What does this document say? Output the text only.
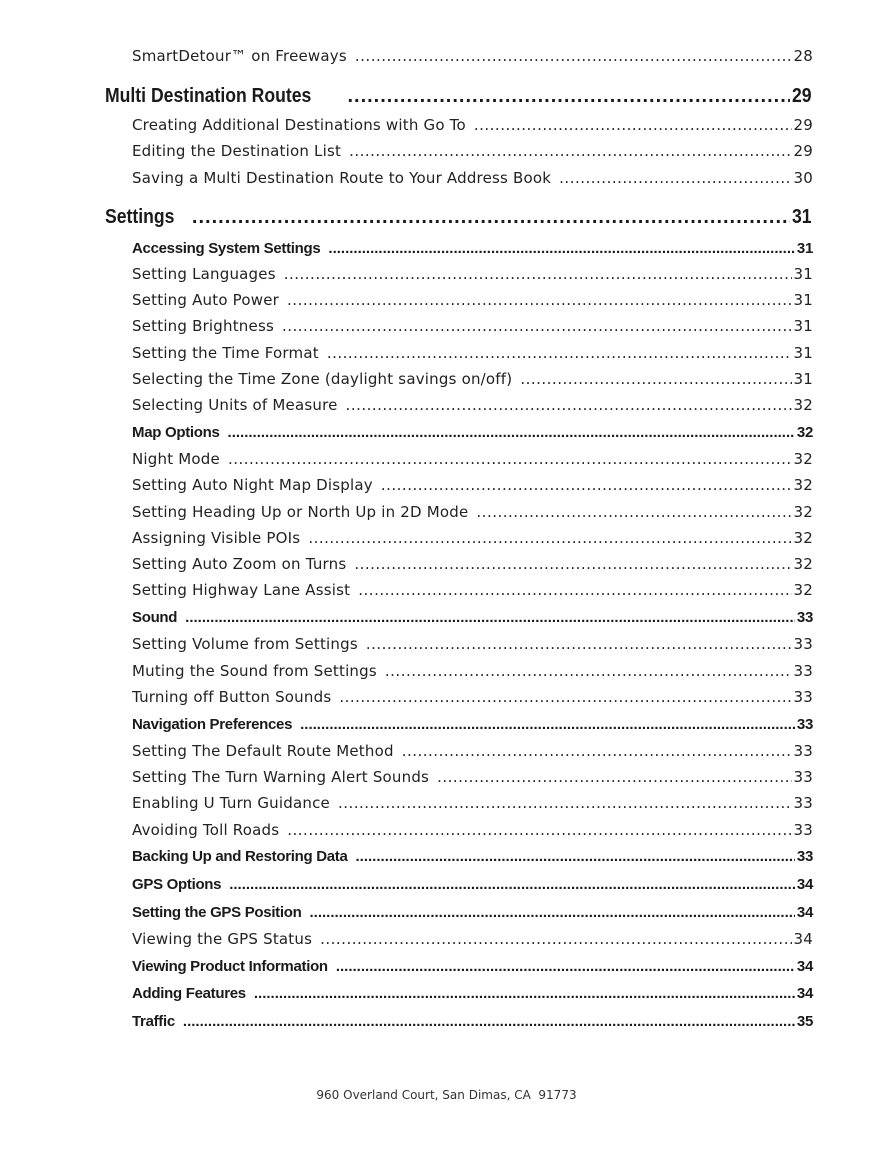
SmartDetour™ on Freeways .....	28
Multi Destination Routes .....	29
Creating Additional Destinations with Go To .....	29
Editing the Destination List .....	29
Saving a Multi Destination Route to Your Address Book .....	30
Settings .....	31
Accessing System Settings .....	31
Setting Languages .....	31
Setting Auto Power .....	31
Setting Brightness .....	31
Setting the Time Format .....	31
Selecting the Time Zone (daylight savings on/off) .....	31
Selecting Units of Measure .....	32
Map Options .....	32
Night Mode .....	32
Setting Auto Night Map Display .....	32
Setting Heading Up or North Up in 2D Mode .....	32
Assigning Visible POIs .....	32
Setting Auto Zoom on Turns .....	32
Setting Highway Lane Assist .....	32
Sound .....	33
Setting Volume from Settings .....	33
Muting the Sound from Settings .....	33
Turning off Button Sounds .....	33
Navigation Preferences .....	33
Setting The Default Route Method .....	33
Setting The Turn Warning Alert Sounds .....	33
Enabling U Turn Guidance .....	33
Avoiding Toll Roads .....	33
Backing Up and Restoring Data .....	33
GPS Options .....	34
Setting the GPS Position .....	34
Viewing the GPS Status .....	34
Viewing Product Information .....	34
Adding Features .....	34
Traffic .....	35
960 Overland Court, San Dimas, CA  91773
